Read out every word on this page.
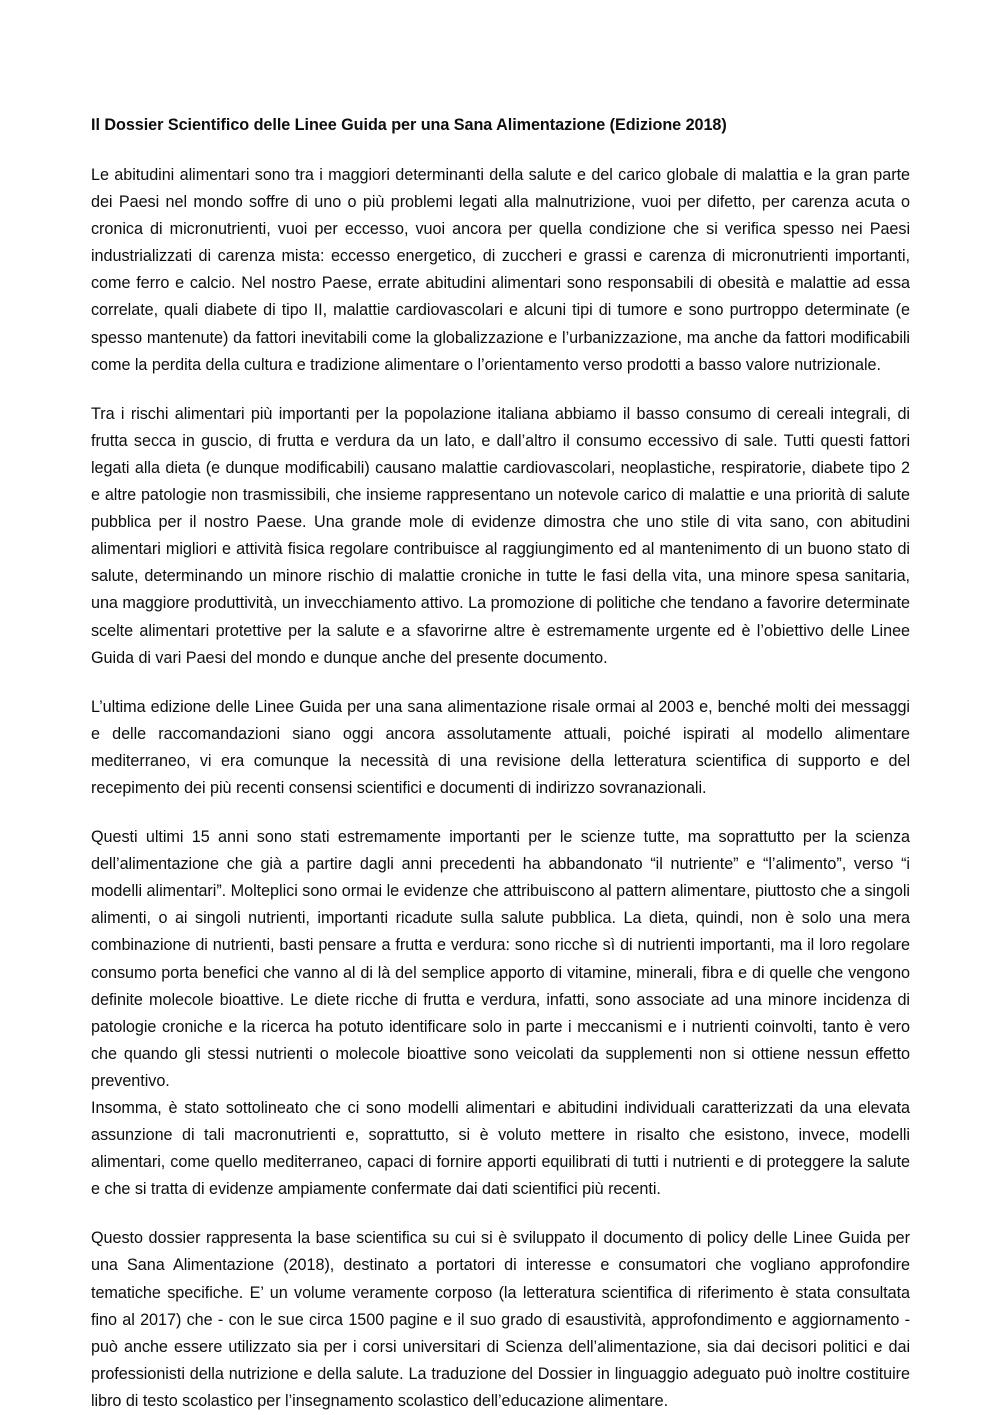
Il Dossier Scientifico delle Linee Guida per una Sana Alimentazione (Edizione 2018)

Le abitudini alimentari sono tra i maggiori determinanti della salute e del carico globale di malattia e la gran parte dei Paesi nel mondo soffre di uno o più problemi legati alla malnutrizione, vuoi per difetto, per carenza acuta o cronica di micronutrienti, vuoi per eccesso, vuoi ancora per quella condizione che si verifica spesso nei Paesi industrializzati di carenza mista: eccesso energetico, di zuccheri e grassi e carenza di micronutrienti importanti, come ferro e calcio. Nel nostro Paese, errate abitudini alimentari sono responsabili di obesità e malattie ad essa correlate, quali diabete di tipo II, malattie cardiovascolari e alcuni tipi di tumore e sono purtroppo determinate (e spesso mantenute) da fattori inevitabili come la globalizzazione e l’urbanizzazione, ma anche da fattori modificabili come la perdita della cultura e tradizione alimentare o l’orientamento verso prodotti a basso valore nutrizionale.

Tra i rischi alimentari più importanti per la popolazione italiana abbiamo il basso consumo di cereali integrali, di frutta secca in guscio, di frutta e verdura da un lato, e dall’altro il consumo eccessivo di sale. Tutti questi fattori legati alla dieta (e dunque modificabili) causano malattie cardiovascolari, neoplastiche, respiratorie, diabete tipo 2 e altre patologie non trasmissibili, che insieme rappresentano un notevole carico di malattie e una priorità di salute pubblica per il nostro Paese. Una grande mole di evidenze dimostra che uno stile di vita sano, con abitudini alimentari migliori e attività fisica regolare contribuisce al raggiungimento ed al mantenimento di un buono stato di salute, determinando un minore rischio di malattie croniche in tutte le fasi della vita, una minore spesa sanitaria, una maggiore produttività, un invecchiamento attivo. La promozione di politiche che tendano a favorire determinate scelte alimentari protettive per la salute e a sfavorirne altre è estremamente urgente ed è l’obiettivo delle Linee Guida di vari Paesi del mondo e dunque anche del presente documento.

L’ultima edizione delle Linee Guida per una sana alimentazione risale ormai al 2003 e, benché molti dei messaggi e delle raccomandazioni siano oggi ancora assolutamente attuali, poiché ispirati al modello alimentare mediterraneo, vi era comunque la necessità di una revisione della letteratura scientifica di supporto e del recepimento dei più recenti consensi scientifici e documenti di indirizzo sovranazionali.

Questi ultimi 15 anni sono stati estremamente importanti per le scienze tutte, ma soprattutto per la scienza dell’alimentazione che già a partire dagli anni precedenti ha abbandonato “il nutriente” e “l’alimento”, verso “i modelli alimentari”. Molteplici sono ormai le evidenze che attribuiscono al pattern alimentare, piuttosto che a singoli alimenti, o ai singoli nutrienti, importanti ricadute sulla salute pubblica. La dieta, quindi, non è solo una mera combinazione di nutrienti, basti pensare a frutta e verdura: sono ricche sì di nutrienti importanti, ma il loro regolare consumo porta benefici che vanno al di là del semplice apporto di vitamine, minerali, fibra e di quelle che vengono definite molecole bioattive. Le diete ricche di frutta e verdura, infatti, sono associate ad una minore incidenza di patologie croniche e la ricerca ha potuto identificare solo in parte i meccanismi e i nutrienti coinvolti, tanto è vero che quando gli stessi nutrienti o molecole bioattive sono veicolati da supplementi non si ottiene nessun effetto preventivo.

Insomma, è stato sottolineato che ci sono modelli alimentari e abitudini individuali caratterizzati da una elevata assunzione di tali macronutrienti e, soprattutto, si è voluto mettere in risalto che esistono, invece, modelli alimentari, come quello mediterraneo, capaci di fornire apporti equilibrati di tutti i nutrienti e di proteggere la salute e che si tratta di evidenze ampiamente confermate dai dati scientifici più recenti.

Questo dossier rappresenta la base scientifica su cui si è sviluppato il documento di policy delle Linee Guida per una Sana Alimentazione (2018), destinato a portatori di interesse e consumatori che vogliano approfondire tematiche specifiche. E’ un volume veramente corposo (la letteratura scientifica di riferimento è stata consultata fino al 2017) che - con le sue circa 1500 pagine e il suo grado di esaustività, approfondimento e aggiornamento - può anche essere utilizzato sia per i corsi universitari di Scienza dell’alimentazione, sia dai decisori politici e dai professionisti della nutrizione e della salute. La traduzione del Dossier in linguaggio adeguato può inoltre costituire libro di testo scolastico per l’insegnamento scolastico dell’educazione alimentare.
